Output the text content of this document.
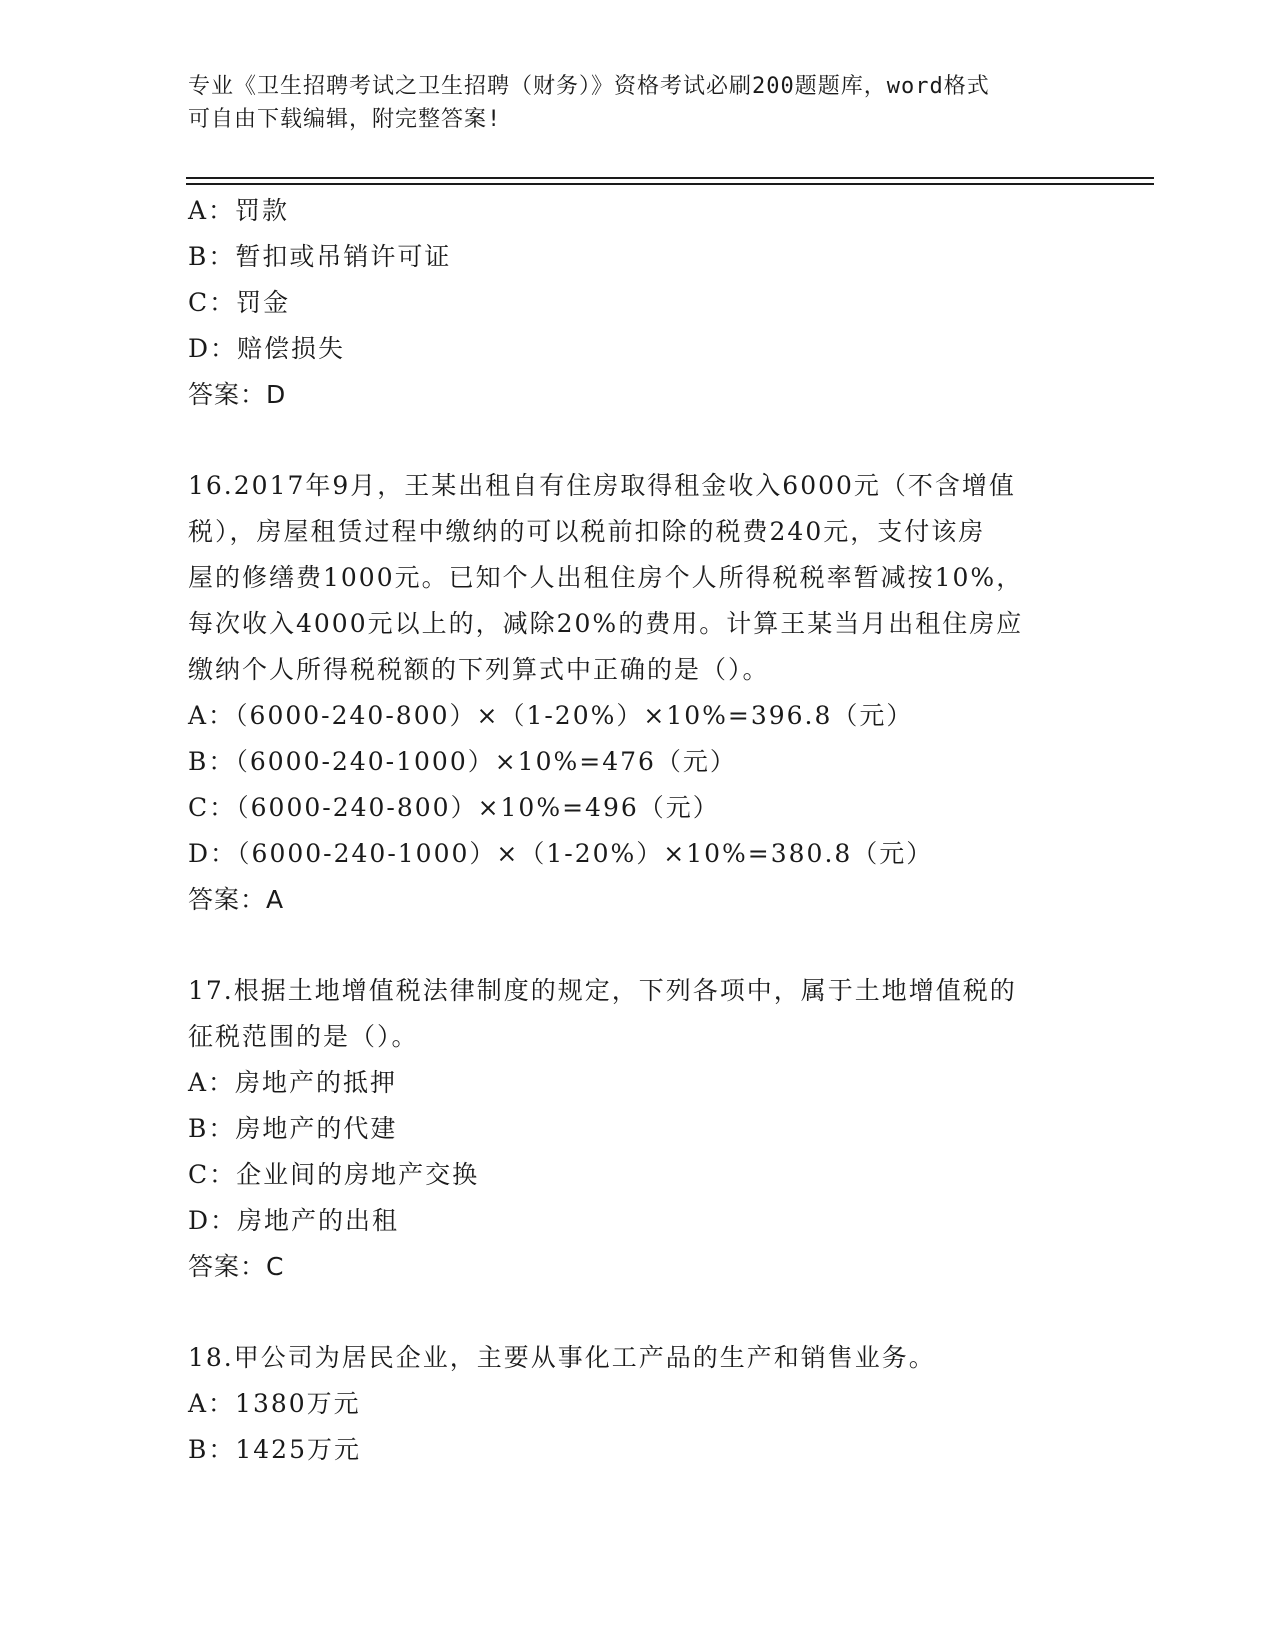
专业《卫生招聘考试之卫生招聘（财务）》资格考试必刷200题题库，word格式
可自由下载编辑，附完整答案!
A：罚款
B：暂扣或吊销许可证
C：罚金
D：赔偿损失
答案：D
16.2017年9月，王某出租自有住房取得租金收入6000元（不含增值
税），房屋租赁过程中缴纳的可以税前扣除的税费240元，支付该房
屋的修缮费1000元。已知个人出租住房个人所得税税率暂减按10%，
每次收入4000元以上的，减除20%的费用。计算王某当月出租住房应
缴纳个人所得税税额的下列算式中正确的是（）。
A：（6000-240-800）×（1-20%）×10%=396.8（元）
B：（6000-240-1000）×10%=476（元）
C：（6000-240-800）×10%=496（元）
D：（6000-240-1000）×（1-20%）×10%=380.8（元）
答案：A
17.根据土地增值税法律制度的规定，下列各项中，属于土地增值税的
征税范围的是（）。
A：房地产的抵押
B：房地产的代建
C：企业间的房地产交换
D：房地产的出租
答案：C
18.甲公司为居民企业，主要从事化工产品的生产和销售业务。
A：1380万元
B：1425万元
